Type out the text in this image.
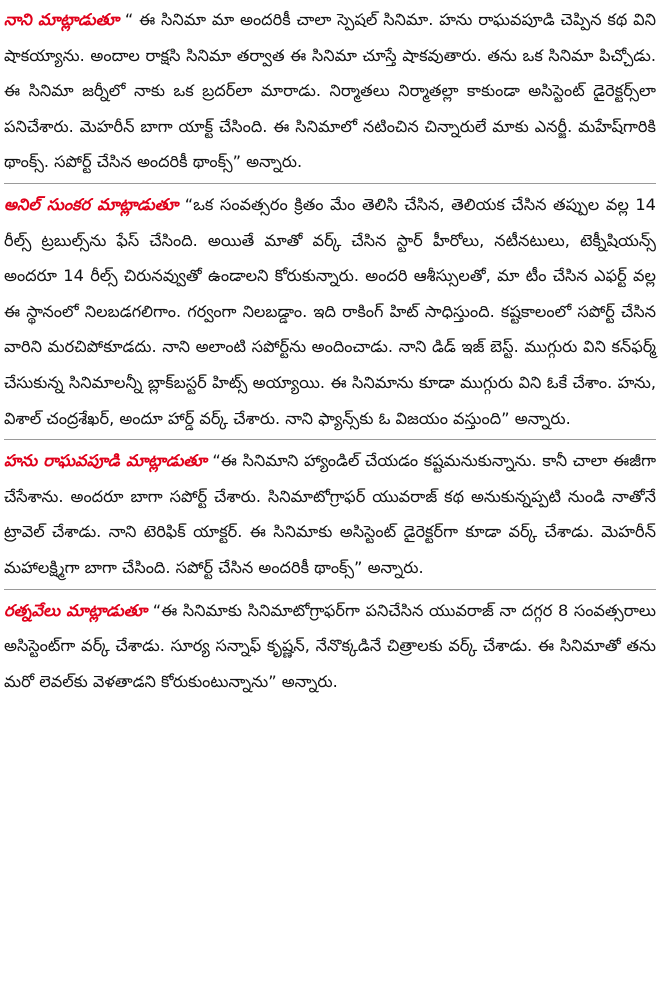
నాని మాట్లాడుతూ “ ఈ సినిమా మా అందరికీ చాలా స్పెషల్ సినిమా. హను రాఘవపూడి చెప్పిన కథ విని షాకయ్యాను. అందాల రాక్షసి సినిమా తర్వాత ఈ సినిమా చూస్తే షాకవుతారు. తను ఒక సినిమా పిచ్చోడు. ఈ సినిమా జర్నీలో నాకు ఒక బ్రదర్‌లా మారాడు. నిర్మాతలు నిర్మాతల్లా కాకుండా అసిస్టెంట్ డైరెక్టర్స్‌లా పనిచేశారు. మెహరీన్ బాగా యాక్ట్ చేసింది. ఈ సినిమాలో నటించిన చిన్నారులే మాకు ఎనర్జీ. మహేష్‌గారికి థాంక్స్. సపోర్ట్ చేసిన అందరికీ థాంక్స్” అన్నారు.

అనిల్ సుంకర మాట్లాడుతూ “ఒక సంవత్సరం క్రితం మేం తెలిసి చేసిన, తెలియక చేసిన తప్పుల వల్ల 14 రీల్స్ ట్రబుల్స్‌ను ఫేస్ చేసింది. అయితే మాతో వర్క్ చేసిన స్టార్ హీరోలు, నటీనటులు, టెక్నీషియన్స్ అందరూ 14 రీల్స్ చిరునవ్వుతో ఉండాలని కోరుకున్నారు. అందరి ఆశీస్సులతో, మా టీం చేసిన ఎఫర్ట్ వల్ల ఈ స్థానంలో నిలబడగలిగాం. గర్వంగా నిలబడ్డాం. ఇది రాకింగ్ హిట్ సాధిస్తుంది. కష్టకాలంలో సపోర్ట్ చేసిన వారిని మరచిపోకూడదు. నాని అలాంటి సపోర్ట్‌ను అందించాడు. నాని డిడ్ ఇజ్ బెస్ట్. ముగ్గురు విని కన్‌ఫర్మ్ చేసుకున్న సినిమాలన్నీ బ్లాక్‌బస్టర్ హిట్స్ అయ్యాయి. ఈ సినిమాను కూడా ముగ్గురు విని ఓకే చేశాం. హను, విశాల్ చంద్రశేఖర్, అందూ హార్డ్ వర్క్ చేశారు. నాని ఫ్యాన్స్‌కు ఓ విజయం వస్తుంది” అన్నారు.

హను రాఘవపూడి మాట్లాడుతూ “ఈ సినిమాని హ్యాండిల్ చేయడం కష్టమనుకున్నాను. కానీ చాలా ఈజీగా చేసేశాను. అందరూ బాగా సపోర్ట్ చేశారు. సినిమాటోగ్రాఫర్ యువరాజ్ కథ అనుకున్నప్పటి నుండి నాతోనే ట్రావెల్ చేశాడు. నాని టెరిఫిక్ యాక్టర్. ఈ సినిమాకు అసిస్టెంట్ డైరెక్టర్‌గా కూడా వర్క్ చేశాడు. మెహరీన్ మహాలక్ష్మిగా బాగా చేసింది. సపోర్ట్ చేసిన అందరికీ థాంక్స్” అన్నారు.

రత్నవేలు మాట్లాడుతూ “ఈ సినిమాకు సినిమాటోగ్రాఫర్‌గా పనిచేసిన యువరాజ్ నా దగ్గర 8 సంవత్సరాలు అసిస్టెంట్‌గా వర్క్ చేశాడు. సూర్య సన్నాఫ్ కృష్ణన్, నేనొక్కడినే చిత్రాలకు వర్క్ చేశాడు. ఈ సినిమాతో తను మరో లెవల్‌కు వెళతాడని కోరుకుంటున్నాను” అన్నారు.
